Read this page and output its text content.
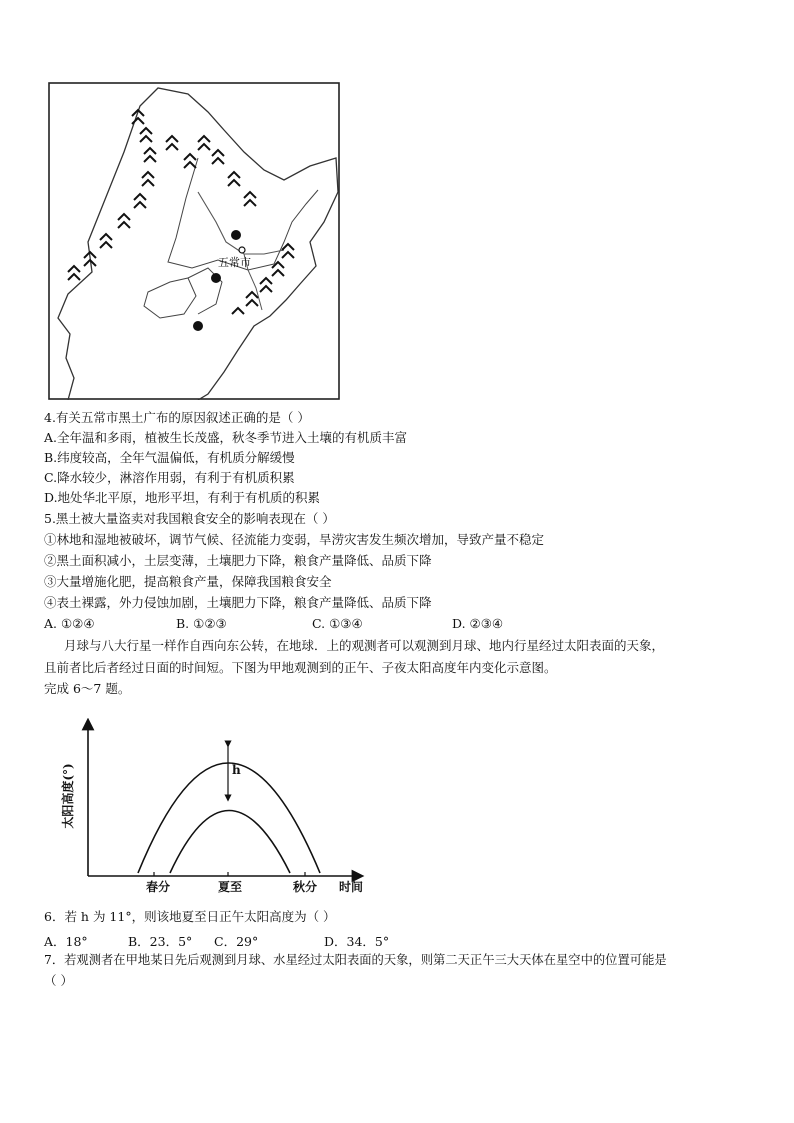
五常市
4.有关五常市黑土广布的原因叙述正确的是（ ）
A.全年温和多雨，植被生长茂盛，秋冬季节进入土壤的有机质丰富
B.纬度较高，全年气温偏低，有机质分解缓慢
C.降水较少，淋溶作用弱，有利于有机质积累
D.地处华北平原，地形平坦，有利于有机质的积累
5.黑土被大量盗卖对我国粮食安全的影响表现在（ ）
①林地和湿地被破坏，调节气候、径流能力变弱，旱涝灾害发生频次增加，导致产量不稳定
②黑土面积减小，土层变薄，土壤肥力下降，粮食产量降低、品质下降
③大量增施化肥，提高粮食产量，保障我国粮食安全
④表土裸露，外力侵蚀加剧，土壤肥力下降，粮食产量降低、品质下降
A. ①②④	B. ①②③	C. ①③④	D. ②③④
月球与八大行星一样作自西向东公转，在地球．上的观测者可以观测到月球、地内行星经过太阳表面的天象，
且前者比后者经过日面的时间短。下图为甲地观测到的正午、子夜太阳高度年内变化示意图。
完成 6～7 题。
太阳高度(°)	h
春分	夏至	秋分 时间
6．若 h 为 11°，则该地夏至日正午太阳高度为（ ）
A．18°	B．23．5° C．29°	D．34．5°
7．若观测者在甲地某日先后观测到月球、水星经过太阳表面的天象，则第二天正午三大天体在星空中的位置可能是
（ ）
